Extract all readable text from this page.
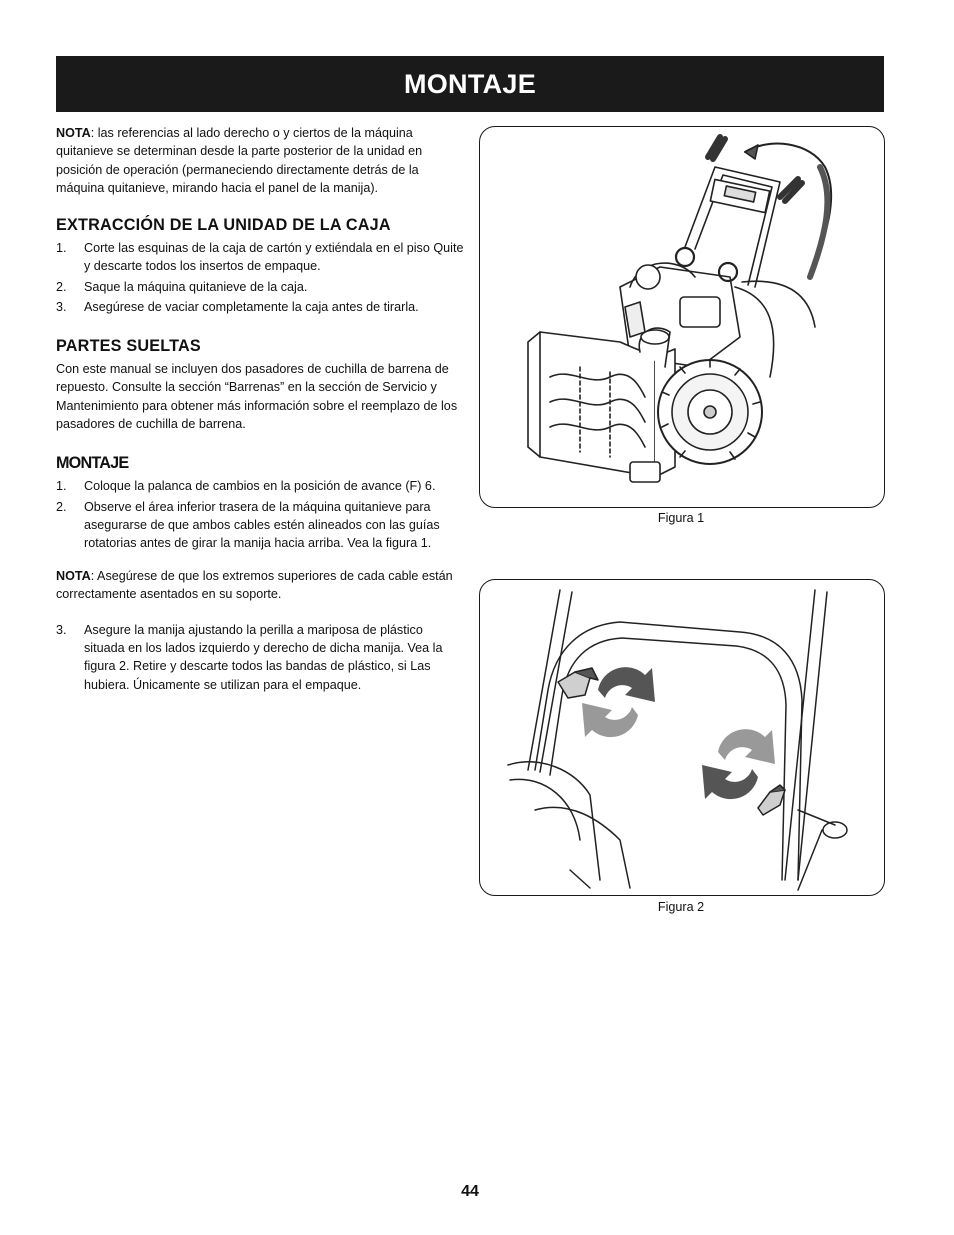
MONTAJE

NOTA: las referencias al lado derecho o y ciertos de la máquina quitanieve se determinan desde la parte posterior de la unidad en posición de operación (permaneciendo directamente detrás de la máquina quitanieve, mirando hacia el panel de la manija).

EXTRACCIÓN DE LA UNIDAD DE LA CAJA
1.	Corte las esquinas de la caja de cartón y extiéndala en el piso Quite y descarte todos los insertos de empaque.
2.	Saque la máquina quitanieve de la caja.
3.	Asegúrese de vaciar completamente la caja antes de tirarla.
PARTES SUELTAS

Con este manual se incluyen dos pasadores de cuchilla de barrena de repuesto. Consulte la sección “Barrenas” en la sección de Servicio y Mantenimiento para obtener más información sobre el reemplazo de los pasadores de cuchilla de barrena.

MONTAJE
1.	Coloque la palanca de cambios en la posición de avance (F) 6.
2.	Observe el área inferior trasera de la máquina quitanieve para asegurarse de que ambos cables estén alineados con las guías rotatorias antes de girar la manija hacia arriba. Vea la figura 1.

NOTA: Asegúrese de que los extremos superiores de cada cable están correctamente asentados en su soporte.

3.	Asegure la manija ajustando la perilla a mariposa de plástico situada en los lados izquierdo y derecho de dicha manija. Vea la figura 2. Retire y descarte todos las bandas de plástico, si Las hubiera. Únicamente se utilizan para el empaque.
Figura 1
Figura 2
44
